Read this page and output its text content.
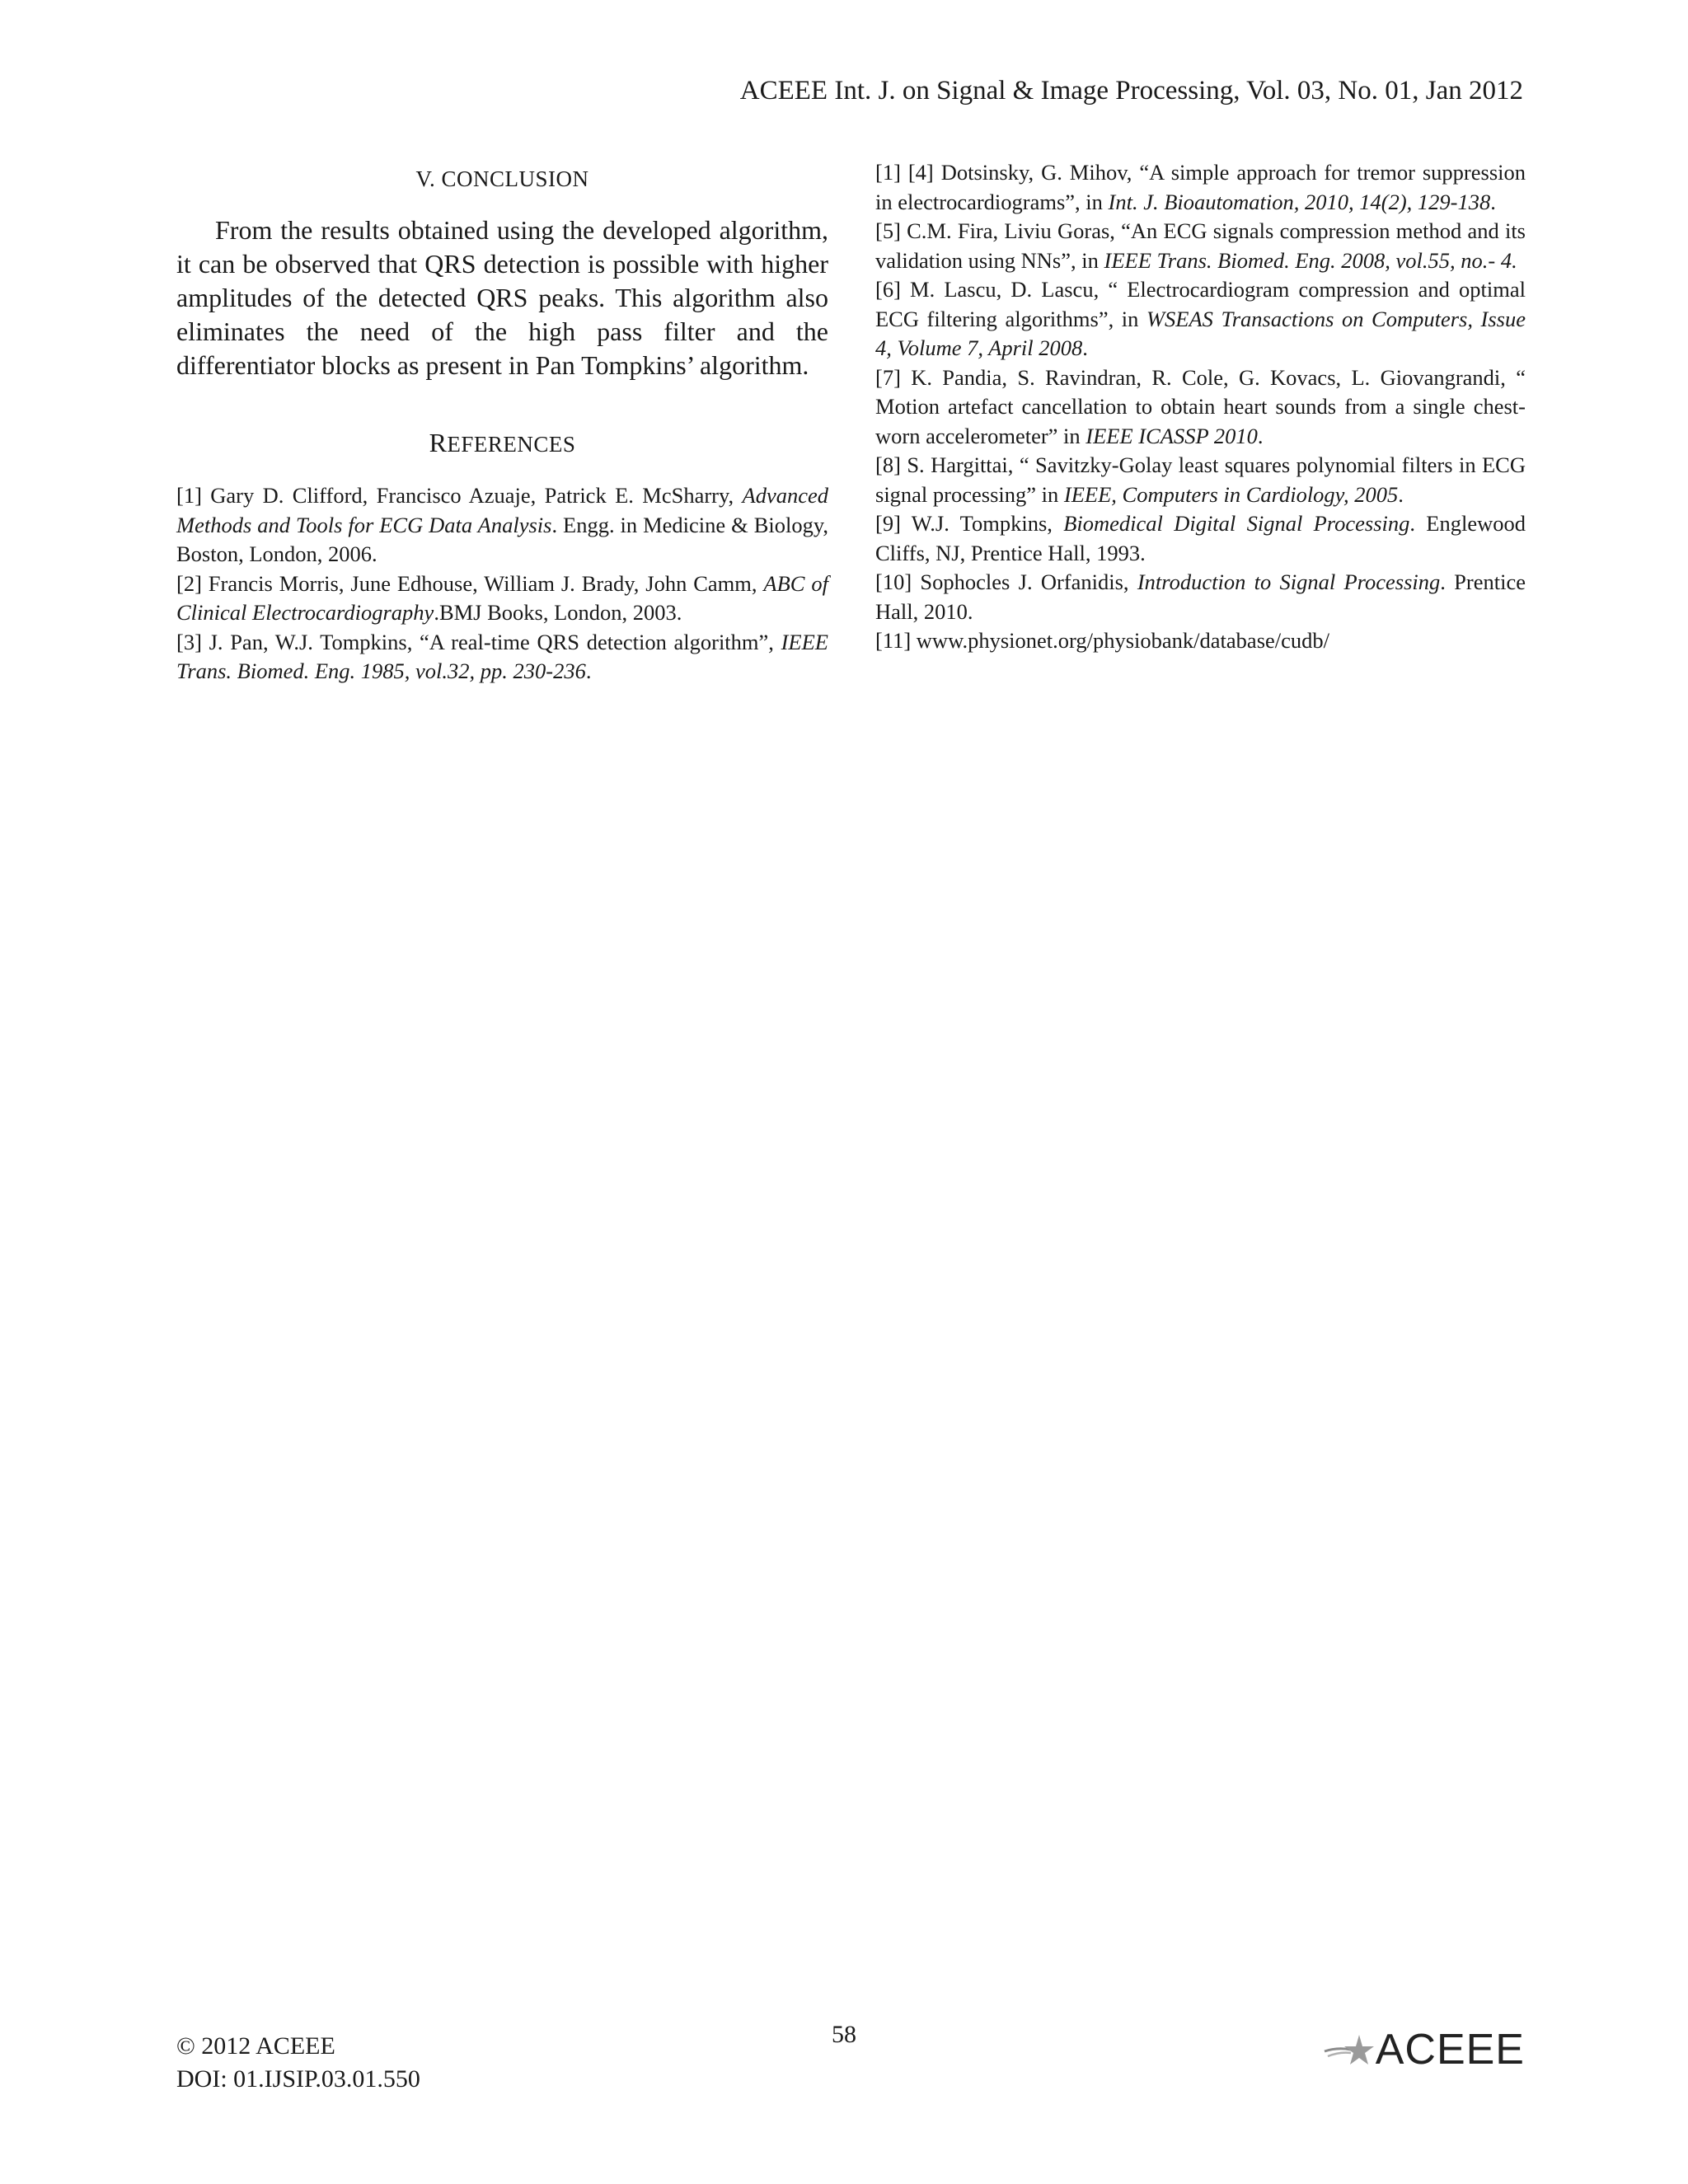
ACEEE Int. J. on Signal & Image Processing, Vol. 03, No. 01, Jan 2012
V. CONCLUSION

From the results obtained using the developed algorithm, it can be observed that QRS detection is possible with higher amplitudes of the detected QRS peaks. This algorithm also eliminates the need of the high pass filter and the differentiator blocks as present in Pan Tompkins’ algorithm.

REFERENCES

[1] Gary D. Clifford, Francisco Azuaje, Patrick E. McSharry, Advanced Methods and Tools for ECG Data Analysis. Engg. in Medicine & Biology, Boston, London, 2006.

[2] Francis Morris, June Edhouse, William J. Brady, John Camm, ABC of Clinical Electrocardiography.BMJ Books, London, 2003.

[3] J. Pan, W.J. Tompkins, “A real-time QRS detection algorithm”, IEEE Trans. Biomed. Eng. 1985, vol.32, pp. 230-236.

[1] [4] Dotsinsky, G. Mihov, “A simple approach for tremor suppression in electrocardiograms”, in Int. J. Bioautomation, 2010, 14(2), 129-138.

[5] C.M. Fira, Liviu Goras, “An ECG signals compression method and its validation using NNs”, in IEEE Trans. Biomed. Eng. 2008, vol.55, no.- 4.

[6] M. Lascu, D. Lascu, “ Electrocardiogram compression and optimal ECG filtering algorithms”, in WSEAS Transactions on Computers, Issue 4, Volume 7, April 2008.

[7] K. Pandia, S. Ravindran, R. Cole, G. Kovacs, L. Giovangrandi, “ Motion artefact cancellation to obtain heart sounds from a single chest- worn accelerometer” in IEEE ICASSP 2010.

[8] S. Hargittai, “ Savitzky-Golay least squares polynomial filters in ECG signal processing” in IEEE, Computers in Cardiology, 2005.

[9] W.J. Tompkins, Biomedical Digital Signal Processing. Englewood Cliffs, NJ, Prentice Hall, 1993.

[10] Sophocles J. Orfanidis, Introduction to Signal Processing. Prentice Hall, 2010.

[11] www.physionet.org/physiobank/database/cudb/

© 2012 ACEEE
DOI: 01.IJSIP.03.01.550
58	ACEEE
